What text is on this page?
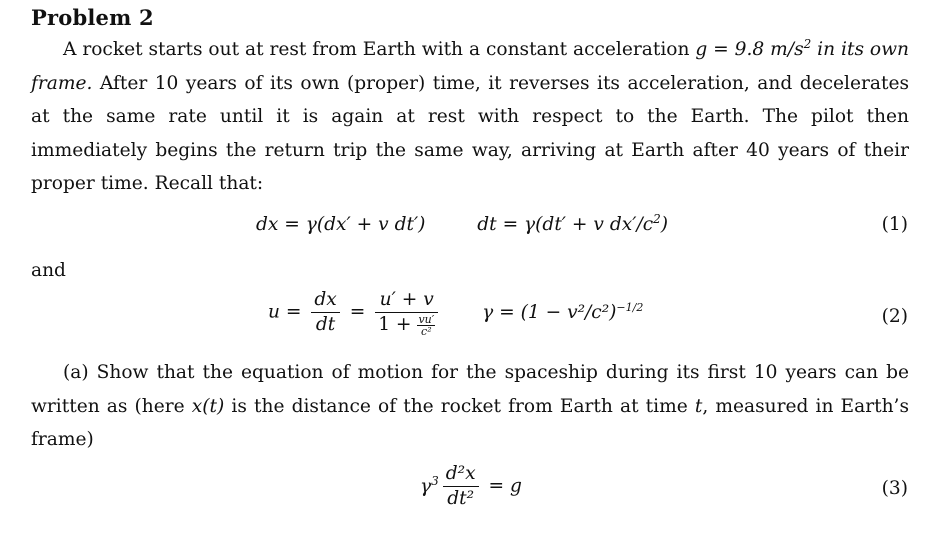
Problem 2
A rocket starts out at rest from Earth with a constant acceleration g = 9.8 $m/s^2$ in its own frame. After 10 years of its own (proper) time, it reverses its acceleration, and decelerates at the same rate until it is again at rest with respect to the Earth. The pilot then immediately begins the return trip the same way, arriving at Earth after 40 years of their proper time. Recall that:
dx = γ(dx′ + v dt′)	dt = γ(dt′ + v $dx'/c^2$)	(1)
and
$u = \frac{dx}{dt} = \frac{u' + v}{1 + \frac{vu'}{\text{c²}}}$ $\gamma = (1 - v^2/c^2)^{-1/2}$	(2)
(a) Show that the equation of motion for the spaceship during its first 10 years can be written as (here x(t) is the distance of the rocket from Earth at time t, measured in Earth’s frame)
$\gamma^3 \frac{\text{d²x}}{\text{dt²}} = g$	(3)
